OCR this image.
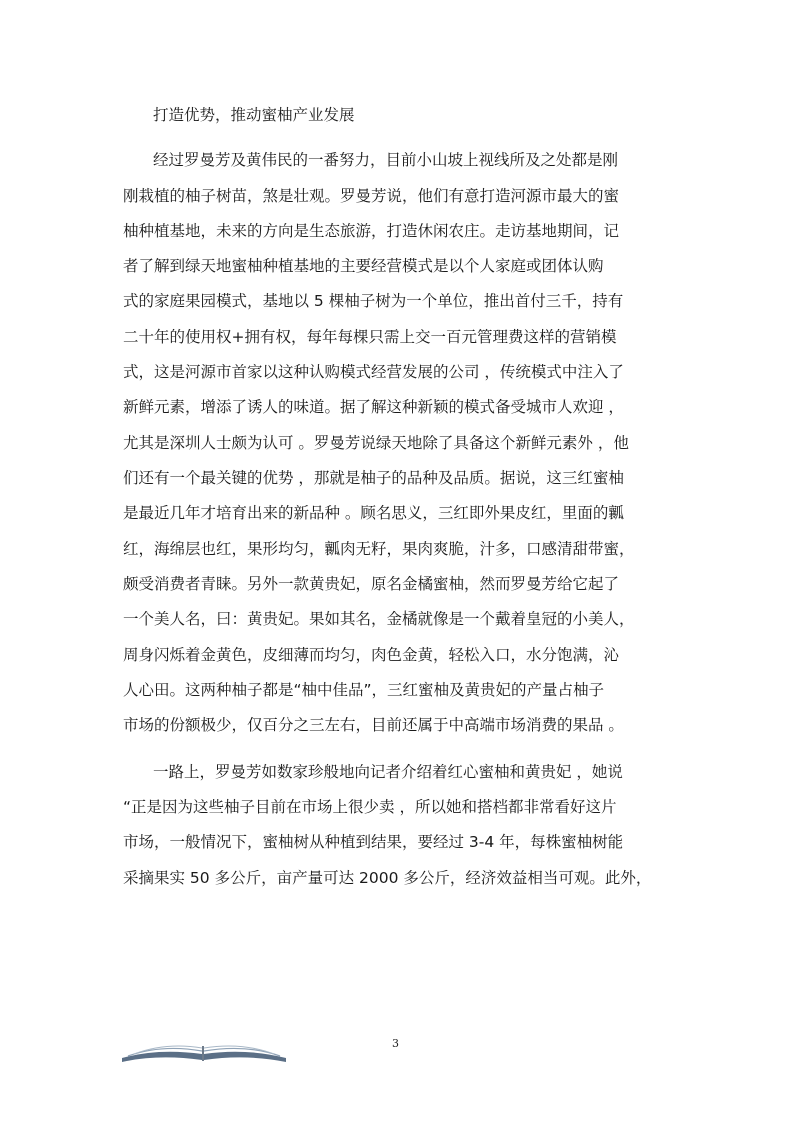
打造优势，推动蜜柚产业发展
经过罗曼芳及黄伟民的一番努力，目前小山坡上视线所及之处都是刚
刚栽植的柚子树苗，煞是壮观。罗曼芳说，他们有意打造河源市最大的蜜
柚种植基地，未来的方向是生态旅游，打造休闲农庄。走访基地期间，记
者了解到绿天地蜜柚种植基地的主要经营模式是以个人家庭或团体认购
式的家庭果园模式，基地以 5 棵柚子树为一个单位，推出首付三千，持有
二十年的使用权+拥有权，每年每棵只需上交一百元管理费这样的营销模
式，这是河源市首家以这种认购模式经营发展的公司 ，传统模式中注入了
新鲜元素，增添了诱人的味道。据了解这种新颖的模式备受城市人欢迎 ，
尤其是深圳人士颇为认可 。罗曼芳说绿天地除了具备这个新鲜元素外 ，他
们还有一个最关键的优势 ，那就是柚子的品种及品质。据说，这三红蜜柚
是最近几年才培育出来的新品种 。顾名思义，三红即外果皮红，里面的瓤
红，海绵层也红，果形均匀，瓤肉无籽，果肉爽脆，汁多，口感清甜带蜜，
颇受消费者青睐。另外一款黄贵妃，原名金橘蜜柚，然而罗曼芳给它起了
一个美人名，曰：黄贵妃。果如其名，金橘就像是一个戴着皇冠的小美人，
周身闪烁着金黄色，皮细薄而均匀，肉色金黄，轻松入口，水分饱满，沁
人心田。这两种柚子都是“柚中佳品”，三红蜜柚及黄贵妃的产量占柚子
市场的份额极少，仅百分之三左右，目前还属于中高端市场消费的果品 。
一路上，罗曼芳如数家珍般地向记者介绍着红心蜜柚和黄贵妃 ，她说
“正是因为这些柚子目前在市场上很少卖 ，所以她和搭档都非常看好这片
市场，一般情况下，蜜柚树从种植到结果，要经过 3-4 年，每株蜜柚树能
采摘果实 50 多公斤，亩产量可达 2000 多公斤，经济效益相当可观。此外，
3
